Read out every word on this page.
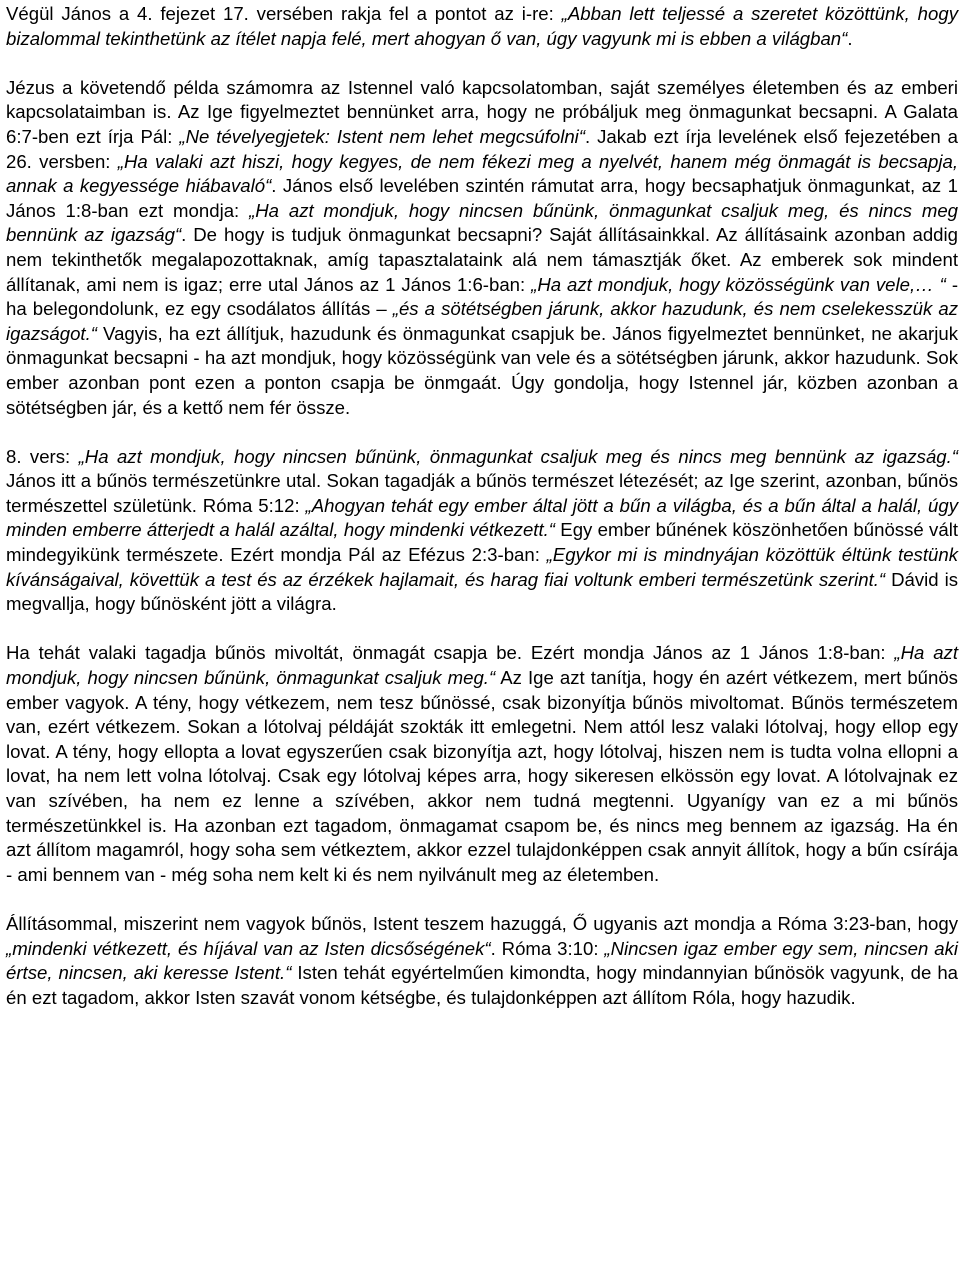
Végül János a 4. fejezet 17. versében rakja fel a pontot az i-re: „Abban lett teljessé a szeretet közöttünk, hogy bizalommal tekinthetünk az ítélet napja felé, mert ahogyan ő van, úgy vagyunk mi is ebben a világban“.

Jézus a követendő példa számomra az Istennel való kapcsolatomban, saját személyes életemben és az emberi kapcsolataimban is. Az Ige figyelmeztet bennünket arra, hogy ne próbáljuk meg önmagunkat becsapni. A Galata 6:7-ben ezt írja Pál: „Ne tévelyegjetek: Istent nem lehet megcsúfolni“. Jakab ezt írja levelének első fejezetében a 26. versben: „Ha valaki azt hiszi, hogy kegyes, de nem fékezi meg a nyelvét, hanem még önmagát is becsapja, annak a kegyessége hiábavaló“. János első levelében szintén rámutat arra, hogy becsaphatjuk önmagunkat, az 1 János 1:8-ban ezt mondja: „Ha azt mondjuk, hogy nincsen bűnünk, önmagunkat csaljuk meg, és nincs meg bennünk az igazság“. De hogy is tudjuk önmagunkat becsapni? Saját állításainkkal. Az állításaink azonban addig nem tekinthetők megalapozottaknak, amíg tapasztalataink alá nem támasztják őket. Az emberek sok mindent állítanak, ami nem is igaz; erre utal János az 1 János 1:6-ban: „Ha azt mondjuk, hogy közösségünk van vele,… “ - ha belegondolunk, ez egy csodálatos állítás – „és a sötétségben járunk, akkor hazudunk, és nem cselekesszük az igazságot.“ Vagyis, ha ezt állítjuk, hazudunk és önmagunkat csapjuk be. János figyelmeztet bennünket, ne akarjuk önmagunkat becsapni - ha azt mondjuk, hogy közösségünk van vele és a sötétségben járunk, akkor hazudunk. Sok ember azonban pont ezen a ponton csapja be önmgaát. Úgy gondolja, hogy Istennel jár, közben azonban a sötétségben jár, és a kettő nem fér össze.

8. vers: „Ha azt mondjuk, hogy nincsen bűnünk, önmagunkat csaljuk meg és nincs meg bennünk az igazság.“ János itt a bűnös természetünkre utal. Sokan tagadják a bűnös természet létezését; az Ige szerint, azonban, bűnös természettel születünk. Róma 5:12: „Ahogyan tehát egy ember által jött a bűn a világba, és a bűn által a halál, úgy minden emberre átterjedt a halál azáltal, hogy mindenki vétkezett.“ Egy ember bűnének köszönhetően bűnössé vált mindegyikünk természete. Ezért mondja Pál az Efézus 2:3-ban: „Egykor mi is mindnyájan közöttük éltünk testünk kívánságaival, követtük a test és az érzékek hajlamait, és harag fiai voltunk emberi természetünk szerint.“ Dávid is megvallja, hogy bűnösként jött a világra.

Ha tehát valaki tagadja bűnös mivoltát, önmagát csapja be. Ezért mondja János az 1 János 1:8-ban: „Ha azt mondjuk, hogy nincsen bűnünk, önmagunkat csaljuk meg.“ Az Ige azt tanítja, hogy én azért vétkezem, mert bűnös ember vagyok. A tény, hogy vétkezem, nem tesz bűnössé, csak bizonyítja bűnös mivoltomat. Bűnös természetem van, ezért vétkezem. Sokan a lótolvaj példáját szokták itt emlegetni. Nem attól lesz valaki lótolvaj, hogy ellop egy lovat. A tény, hogy ellopta a lovat egyszerűen csak bizonyítja azt, hogy lótolvaj, hiszen nem is tudta volna ellopni a lovat, ha nem lett volna lótolvaj. Csak egy lótolvaj képes arra, hogy sikeresen elkössön egy lovat. A lótolvajnak ez van szívében, ha nem ez lenne a szívében, akkor nem tudná megtenni. Ugyanígy van ez a mi bűnös természetünkkel is. Ha azonban ezt tagadom, önmagamat csapom be, és nincs meg bennem az igazság. Ha én azt állítom magamról, hogy soha sem vétkeztem, akkor ezzel tulajdonképpen csak annyit állítok, hogy a bűn csírája - ami bennem van - még soha nem kelt ki és nem nyilvánult meg az életemben.

Állításommal, miszerint nem vagyok bűnös, Istent teszem hazuggá, Ő ugyanis azt mondja a Róma 3:23-ban, hogy „mindenki vétkezett, és híjával van az Isten dicsőségének“. Róma 3:10: „Nincsen igaz ember egy sem, nincsen aki értse, nincsen, aki keresse Istent.“ Isten tehát egyértelműen kimondta, hogy mindannyian bűnösök vagyunk, de ha én ezt tagadom, akkor Isten szavát vonom kétségbe, és tulajdonképpen azt állítom Róla, hogy hazudik.
